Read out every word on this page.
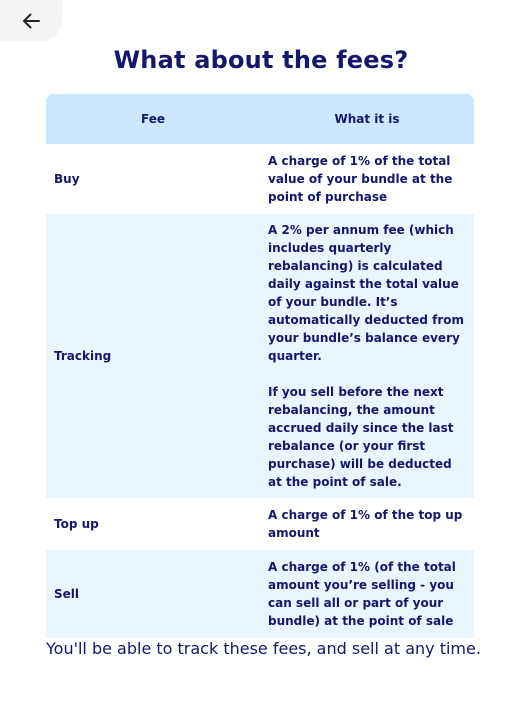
What about the fees?
Fee	What it is
Buy	A charge of 1% of the total value of your bundle at the point of purchase
Tracking	A 2% per annum fee (which includes quarterly rebalancing) is calculated daily against the total value of your bundle. It’s automatically deducted from your bundle’s balance every quarter.
If you sell before the next rebalancing, the amount accrued daily since the last rebalance (or your first purchase) will be deducted at the point of sale.
Top up	A charge of 1% of the top up amount
Sell	A charge of 1% (of the total amount you’re selling - you can sell all or part of your bundle) at the point of sale

You'll be able to track these fees, and sell at any time.
